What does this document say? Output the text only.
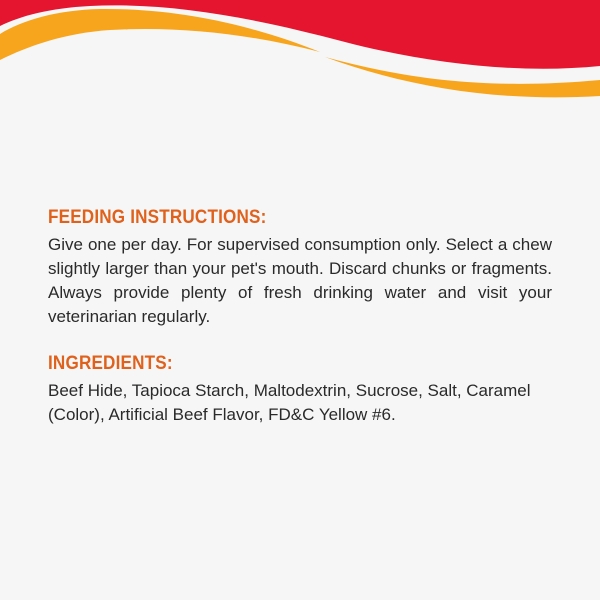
FEEDING INSTRUCTIONS:

Give one per day. For supervised consumption only. Select a chew slightly larger than your pet's mouth. Discard chunks or fragments. Always provide plenty of fresh drinking water and visit your veterinarian regularly.

INGREDIENTS:

Beef Hide, Tapioca Starch, Maltodextrin, Sucrose, Salt, Caramel (Color), Artificial Beef Flavor, FD&C Yellow #6.
